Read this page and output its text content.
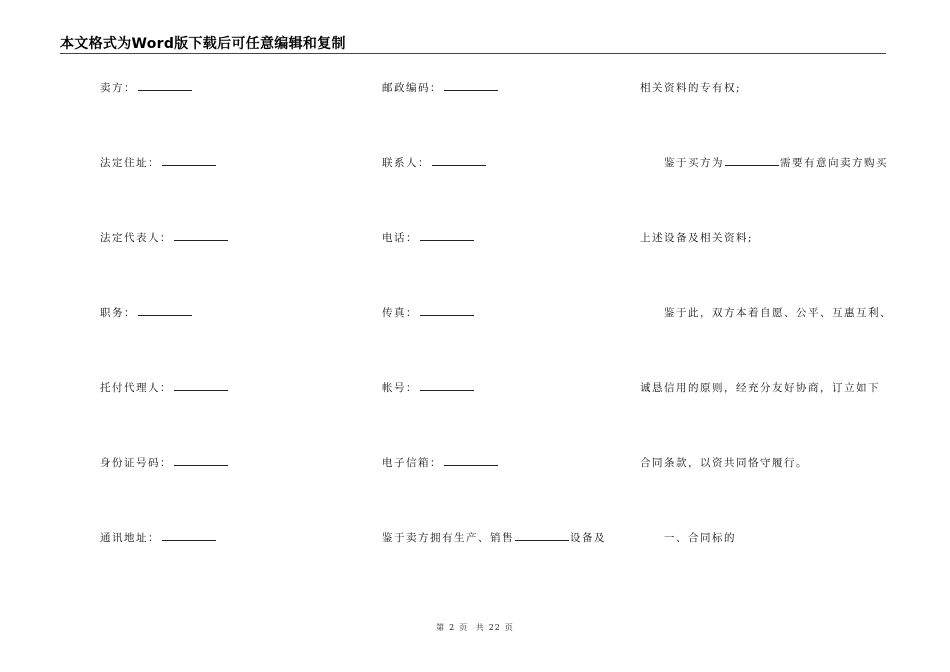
本文格式为Word版下载后可任意编辑和复制
卖方：
法定住址：
法定代表人：
职务：
托付代理人：
身份证号码：
通讯地址：
邮政编码：
联系人：
电话：
传真：
帐号：
电子信箱：
鉴于卖方拥有生产、销售	设备及
相关资料的专有权;
鉴于买方为	需要有意向卖方购买
上述设备及相关资料;
鉴于此，双方本着自愿、公平、互惠互利、
诚恳信用的原则，经充分友好协商，订立如下
合同条款，以资共同恪守履行。
一、合同标的
第 2 页 共 22 页
